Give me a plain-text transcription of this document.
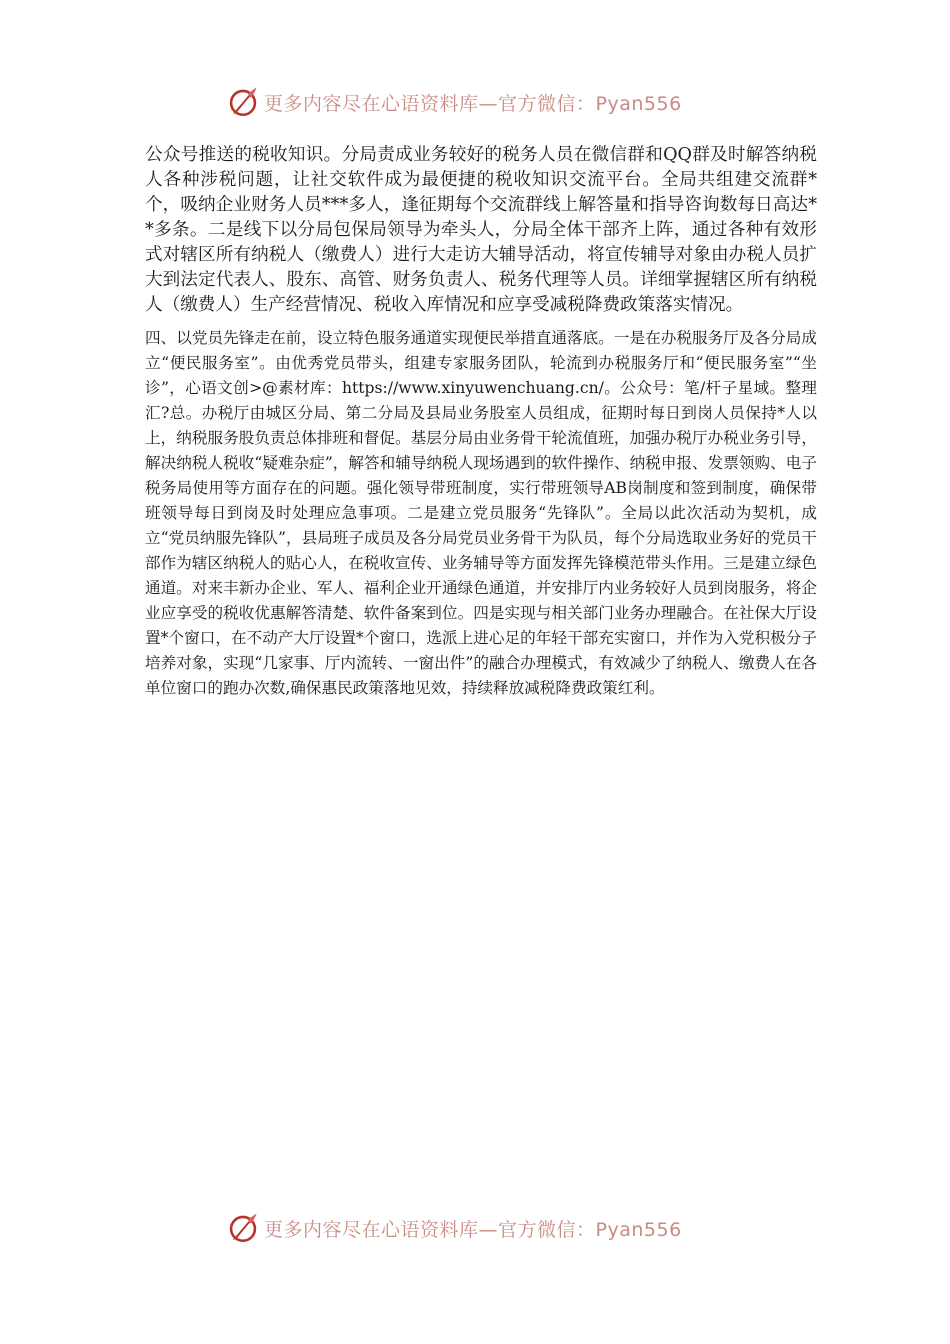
更多内容尽在心语资料库—官方微信：Pyan556

公众号推送的税收知识。分局责成业务较好的税务人员在微信群和QQ群及时解答纳税人各种涉税问题，让社交软件成为最便捷的税收知识交流平台。全局共组建交流群*个，吸纳企业财务人员***多人，逢征期每个交流群线上解答量和指导咨询数每日高达**多条。二是线下以分局包保局领导为牵头人，分局全体干部齐上阵，通过各种有效形式对辖区所有纳税人（缴费人）进行大走访大辅导活动，将宣传辅导对象由办税人员扩大到法定代表人、股东、高管、财务负责人、税务代理等人员。详细掌握辖区所有纳税人（缴费人）生产经营情况、税收入库情况和应享受减税降费政策落实情况。

四、以党员先锋走在前，设立特色服务通道实现便民举措直通落底。一是在办税服务厅及各分局成立“便民服务室”。由优秀党员带头，组建专家服务团队，轮流到办税服务厅和“便民服务室”“坐诊”，心语文创>@素材库：https://www.xinyuwenchuang.cn/。公众号：笔/杆子星域。整理汇?总。办税厅由城区分局、第二分局及县局业务股室人员组成，征期时每日到岗人员保持*人以上，纳税服务股负责总体排班和督促。基层分局由业务骨干轮流值班，加强办税厅办税业务引导，解决纳税人税收“疑难杂症”，解答和辅导纳税人现场遇到的软件操作、纳税申报、发票领购、电子税务局使用等方面存在的问题。强化领导带班制度，实行带班领导AB岗制度和签到制度，确保带班领导每日到岗及时处理应急事项。二是建立党员服务“先锋队”。全局以此次活动为契机，成立“党员纳服先锋队”，县局班子成员及各分局党员业务骨干为队员，每个分局选取业务好的党员干部作为辖区纳税人的贴心人，在税收宣传、业务辅导等方面发挥先锋模范带头作用。三是建立绿色通道。对来丰新办企业、军人、福利企业开通绿色通道，并安排厅内业务较好人员到岗服务，将企业应享受的税收优惠解答清楚、软件备案到位。四是实现与相关部门业务办理融合。在社保大厅设置*个窗口，在不动产大厅设置*个窗口，选派上进心足的年轻干部充实窗口，并作为入党积极分子培养对象，实现“几家事、厅内流转、一窗出件”的融合办理模式，有效减少了纳税人、缴费人在各单位窗口的跑办次数,确保惠民政策落地见效，持续释放减税降费政策红利。

更多内容尽在心语资料库—官方微信：Pyan556
